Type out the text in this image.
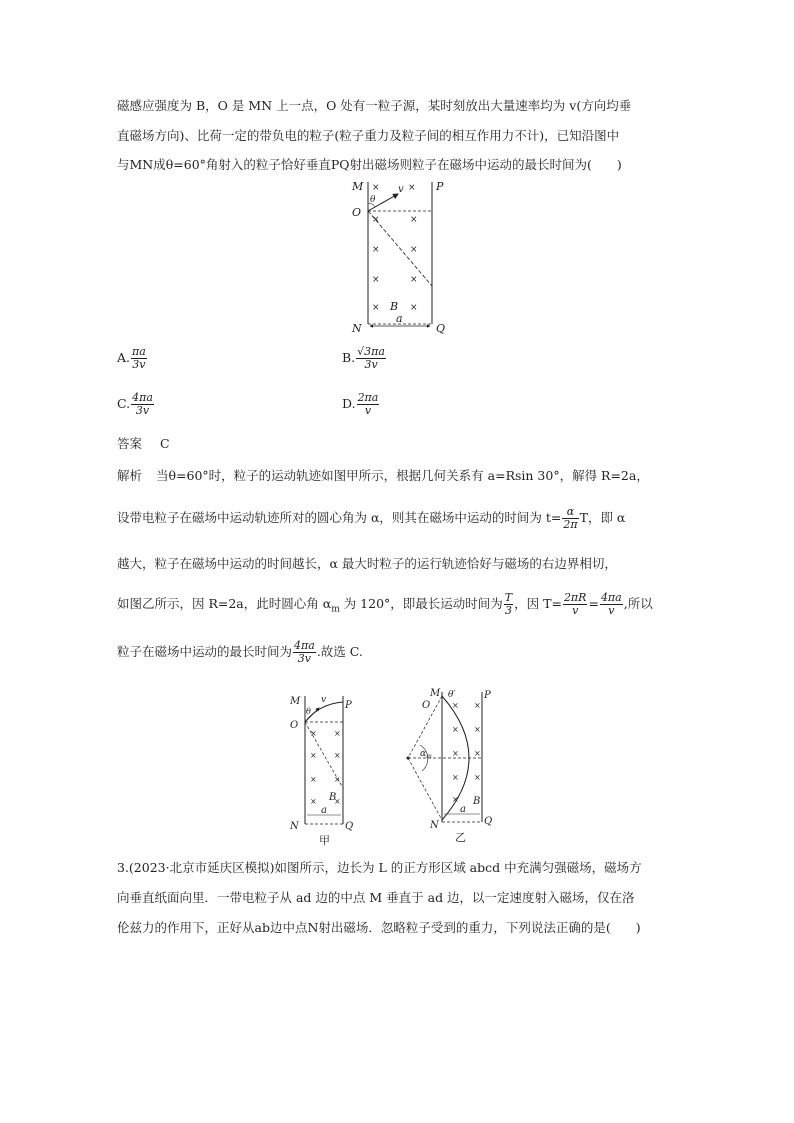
磁感应强度为 B，O 是 MN 上一点，O 处有一粒子源，某时刻放出大量速率均为 v(方向均垂
直磁场方向)、比荷一定的带负电的粒子(粒子重力及粒子间的相互作用力不计)，已知沿图中
与MN成θ=60°角射入的粒子恰好垂直PQ射出磁场则粒子在磁场中运动的最长时间为(　　)
M	P
O
N	Q
θ
v
B
a
×	×
×	×
×	×
×	×
×	×
A. $\frac{\pi a}{3v}$	B. $\frac{√3\pi a}{3v}$
C. $\frac{4\pi a}{3v}$	D. $\frac{2\pi a}{v}$
答案 C
解析 当θ=60°时，粒子的运动轨迹如图甲所示，根据几何关系有 a=Rsin 30°，解得 R=2a，
设带电粒子在磁场中运动轨迹所对的圆心角为 α，则其在磁场中运动的时间为 $t= \frac{\alpha}{2\pi}$ T，即 α
越大，粒子在磁场中运动的时间越长，α 最大时粒子的运行轨迹恰好与磁场的右边界相切，
如图乙所示，因 R=2a，此时圆心角 $\alpha_m$ 为 120°，即最长运动时间为 $\frac{T}{3}$ ，因 $T= \frac{2\pi R}{v} = \frac{4\pi a}{v}$ ,所以
粒子在磁场中运动的最长时间为 $\frac{4\pi a}{3v}$ .故选 C.
M	P
O
N	Q
θ
v
B
a
× ×
× ×
× ×
× ×
甲
M	P
O
N	Q
θ′
$\alpha_m$
B
a
× ×
× ×
× ×
× ×
×
乙
3.(2023·北京市延庆区模拟)如图所示，边长为 L 的正方形区域 abcd 中充满匀强磁场，磁场方
向垂直纸面向里．一带电粒子从 ad 边的中点 M 垂直于 ad 边，以一定速度射入磁场，仅在洛
伦兹力的作用下，正好从ab边中点N射出磁场．忽略粒子受到的重力，下列说法正确的是(　　)
